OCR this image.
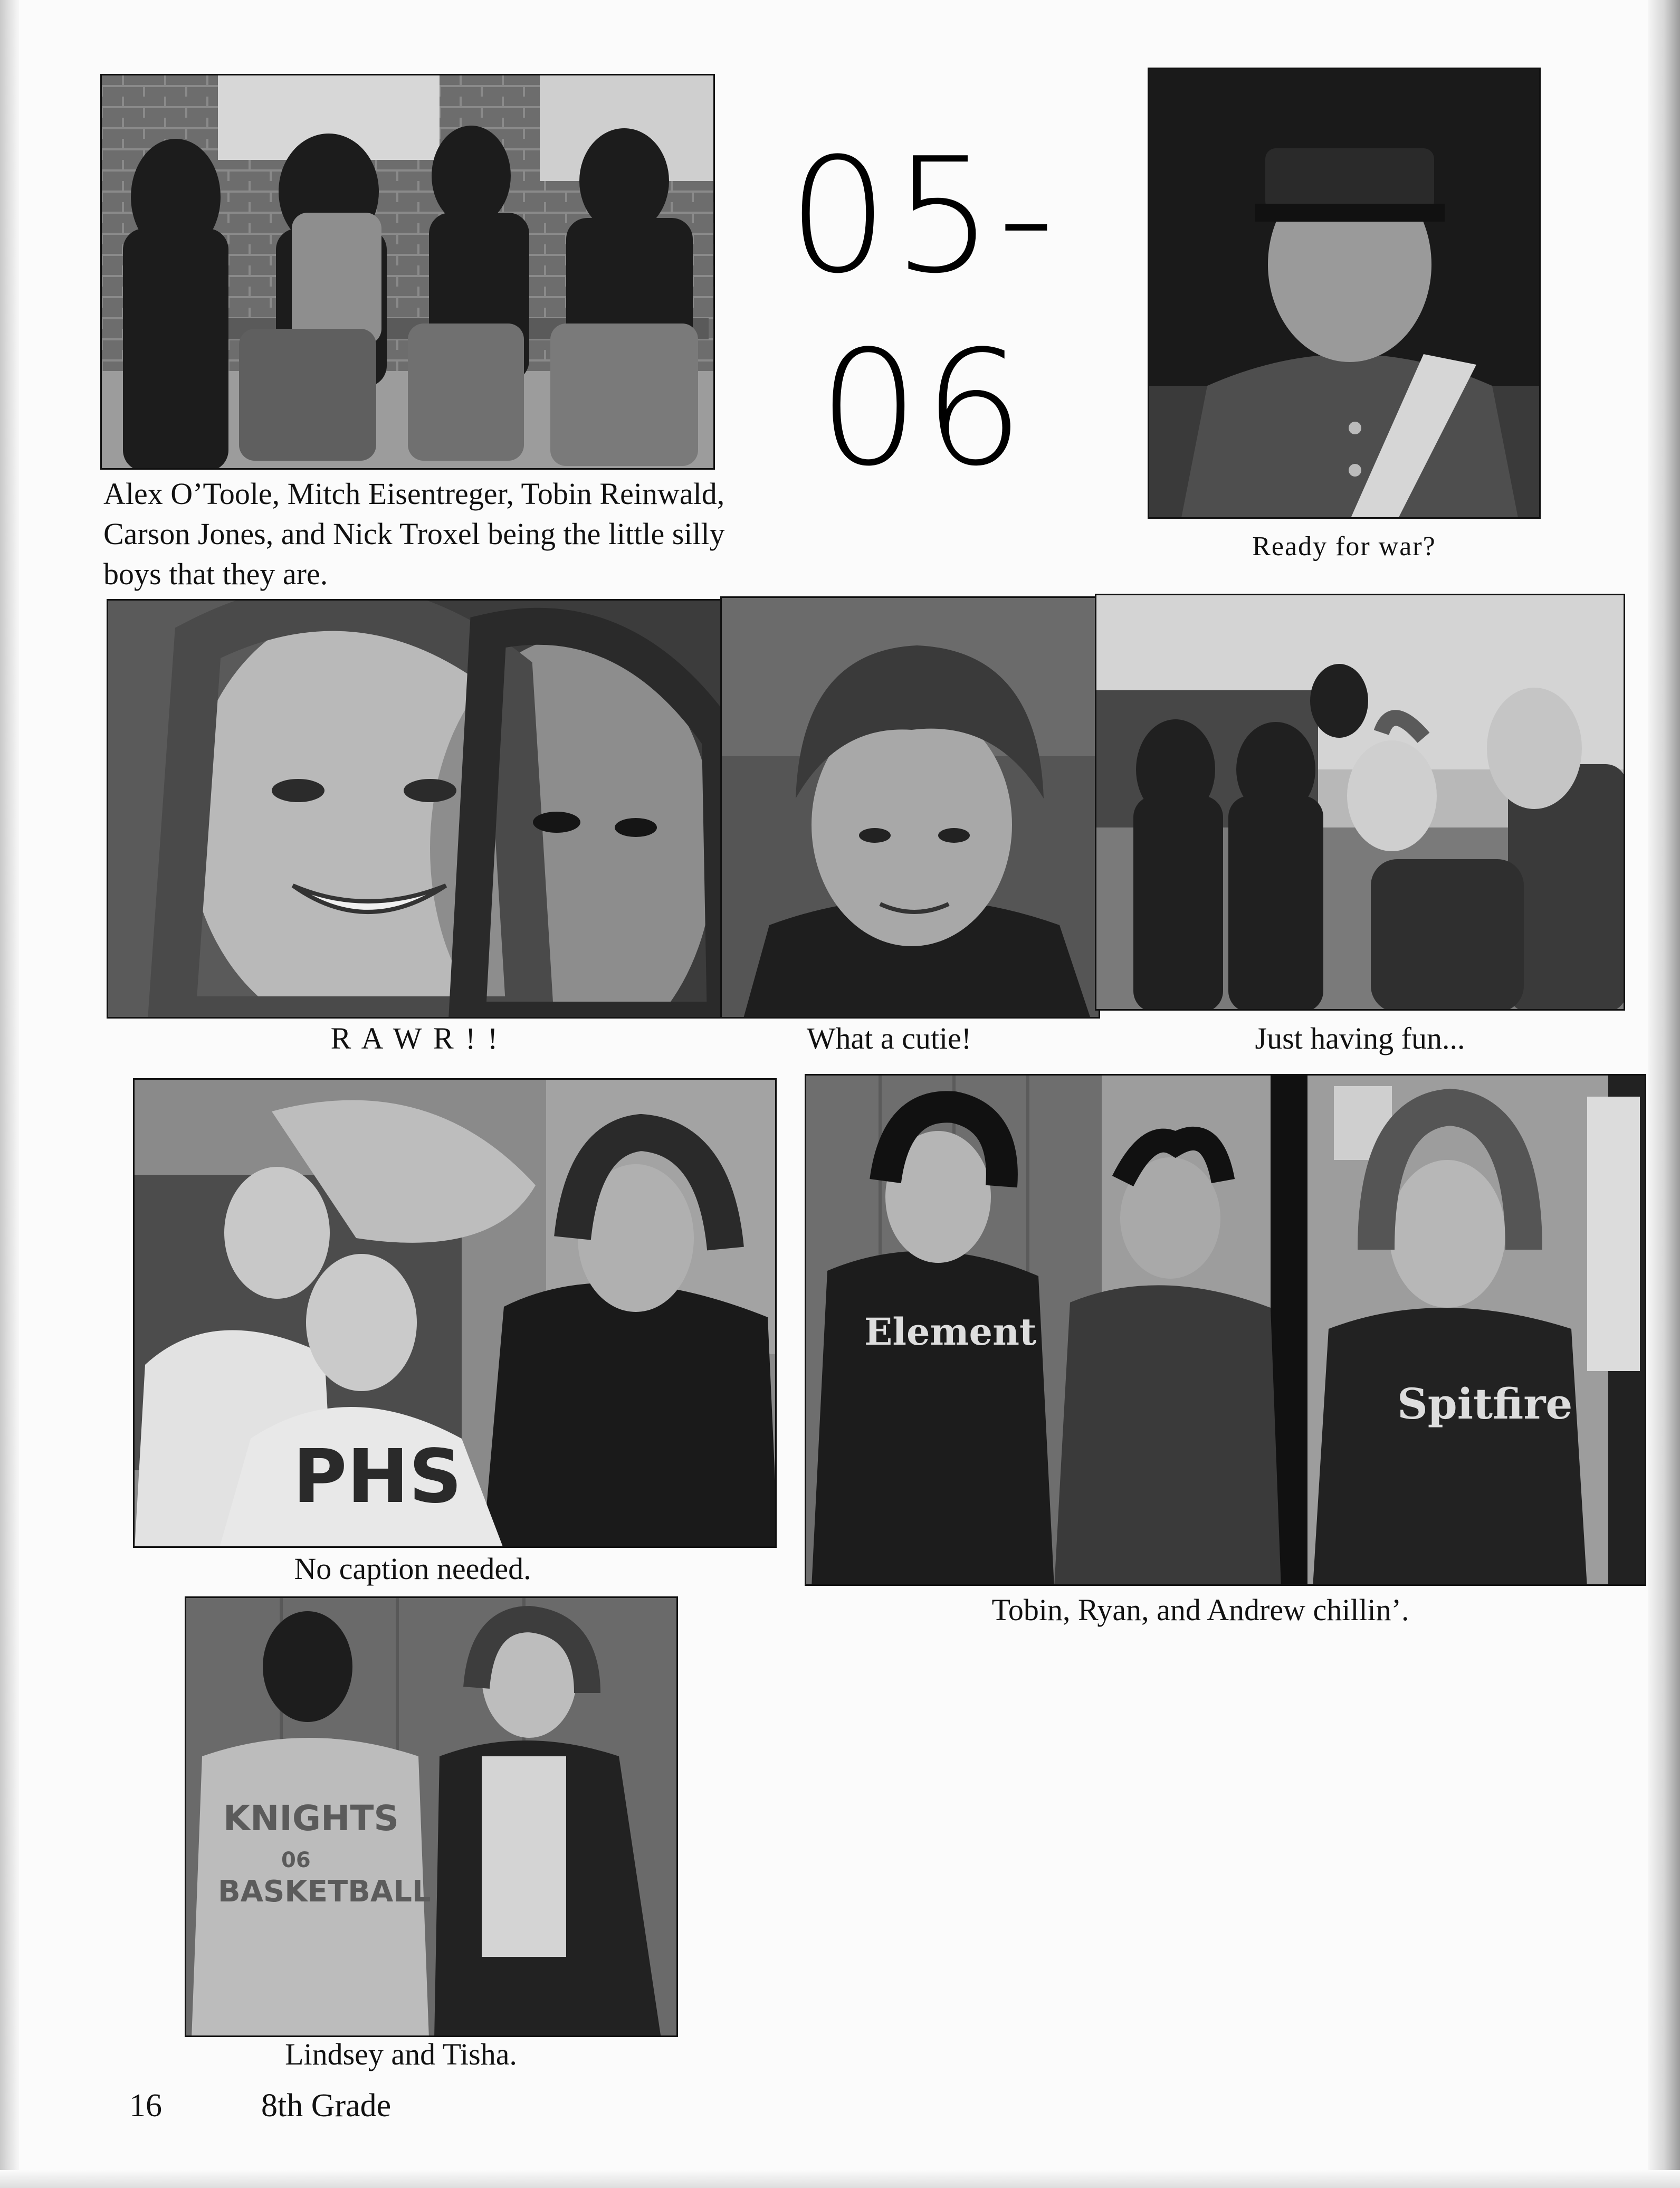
05-
06
Alex O’Toole, Mitch Eisentreger, Tobin Reinwald, Carson Jones, and Nick Troxel being the little silly boys that they are.
Ready for war?
R A W R ! !	What a cutie!	Just having fun...
PHS
No caption needed.
Element
Spitfire
Tobin, Ryan, and Andrew chillin’.
KNIGHTS
06
BASKETBALL
Lindsey and Tisha.
16	8th Grade
